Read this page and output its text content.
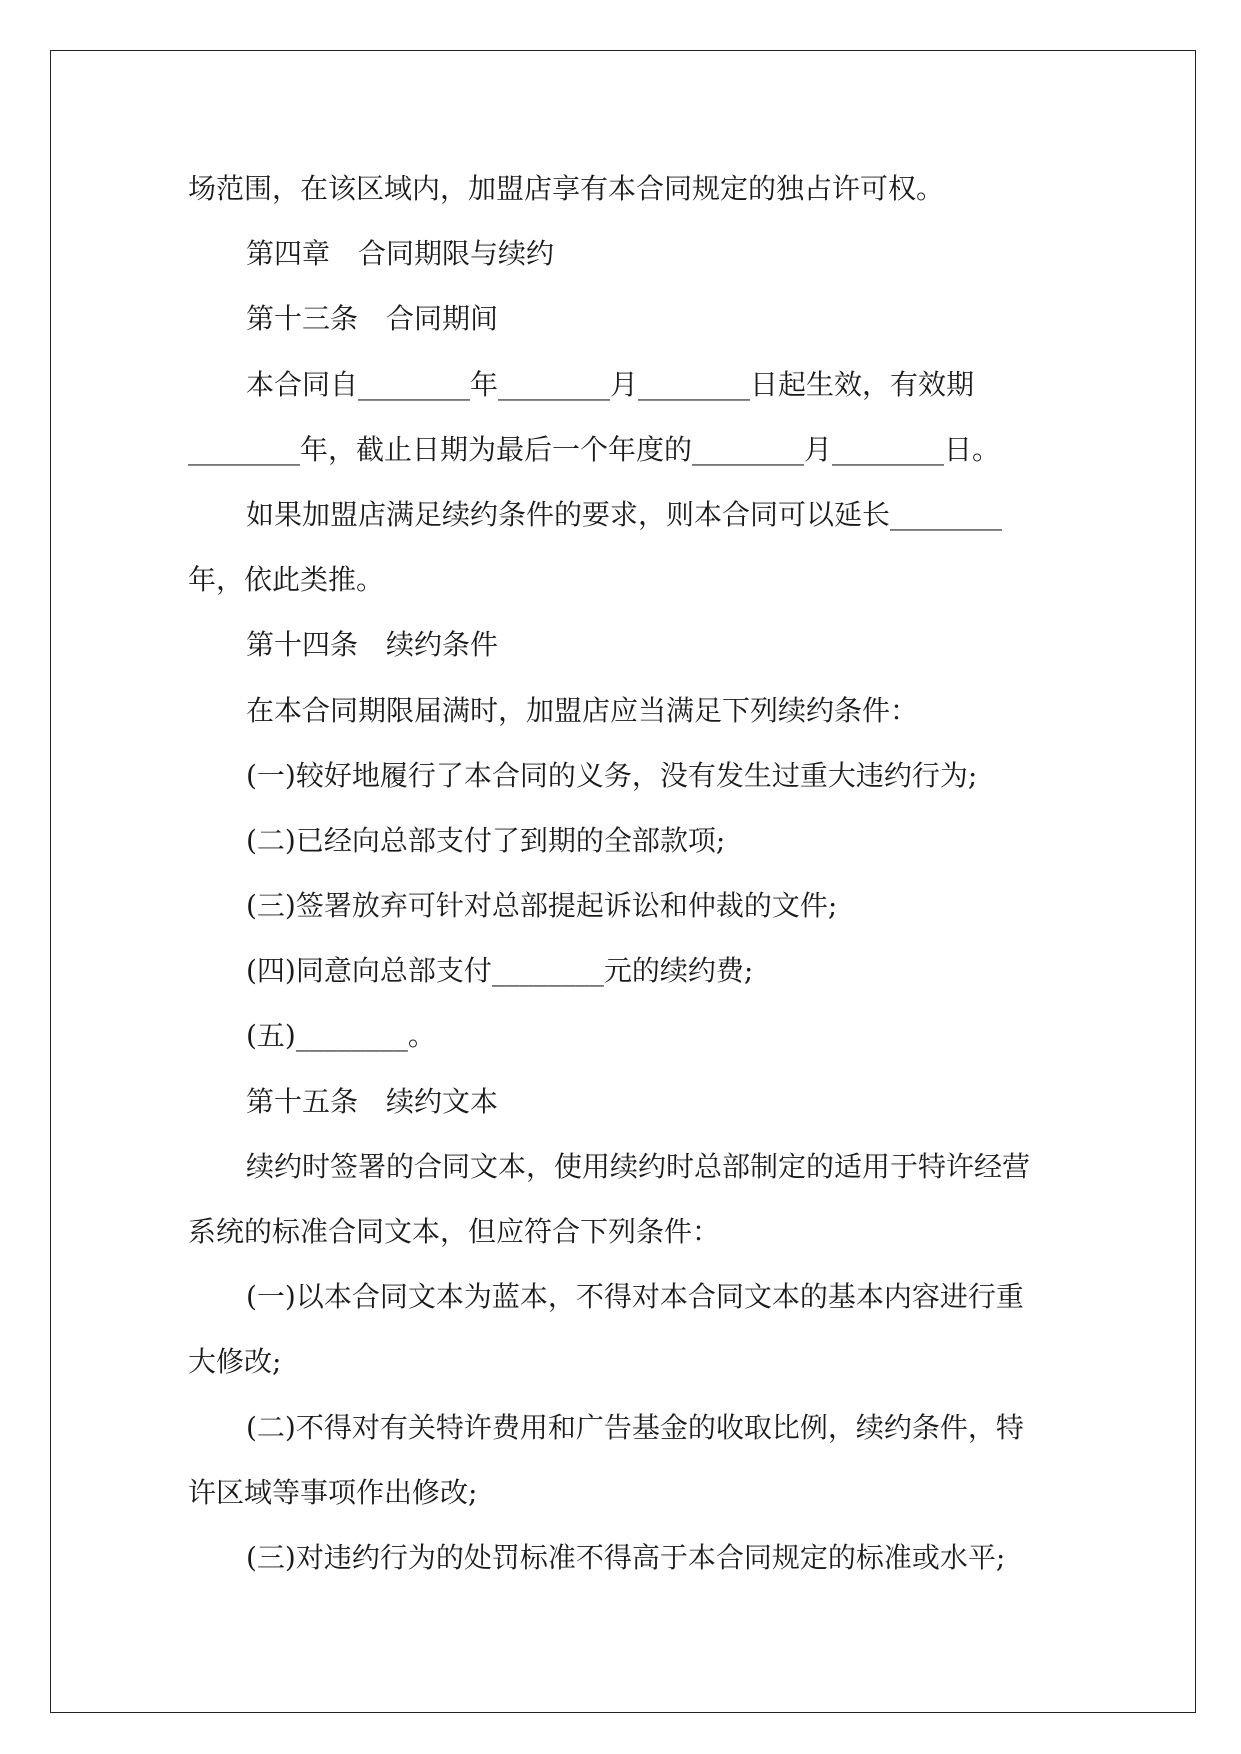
场范围，在该区域内，加盟店享有本合同规定的独占许可权。
第四章　合同期限与续约
第十三条　合同期间
本合同自________年________月________日起生效，有效期
________年，截止日期为最后一个年度的________月________日。
如果加盟店满足续约条件的要求，则本合同可以延长________
年，依此类推。
第十四条　续约条件
在本合同期限届满时，加盟店应当满足下列续约条件：
(一)较好地履行了本合同的义务，没有发生过重大违约行为;
(二)已经向总部支付了到期的全部款项;
(三)签署放弃可针对总部提起诉讼和仲裁的文件;
(四)同意向总部支付________元的续约费;
(五)________。
第十五条　续约文本
续约时签署的合同文本，使用续约时总部制定的适用于特许经营
系统的标准合同文本，但应符合下列条件：
(一)以本合同文本为蓝本，不得对本合同文本的基本内容进行重
大修改;
(二)不得对有关特许费用和广告基金的收取比例，续约条件，特
许区域等事项作出修改;
(三)对违约行为的处罚标准不得高于本合同规定的标准或水平;
